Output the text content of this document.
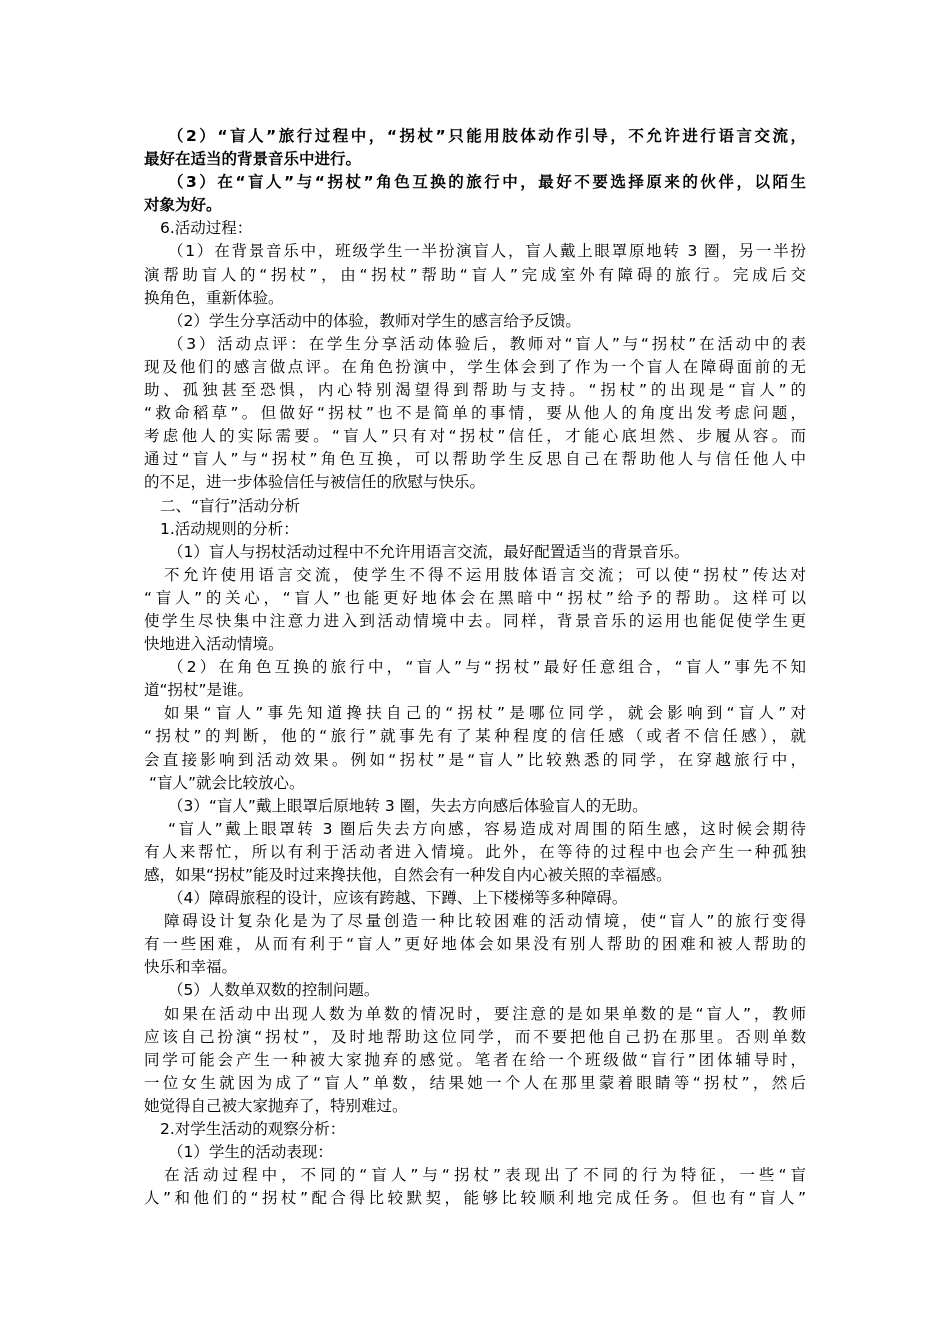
（2）“盲人”旅行过程中，“拐杖”只能用肢体动作引导，不允许进行语言交流，
最好在适当的背景音乐中进行。
（3）在“盲人”与“拐杖”角色互换的旅行中，最好不要选择原来的伙伴，以陌生
对象为好。
6.活动过程：
（1）在背景音乐中，班级学生一半扮演盲人，盲人戴上眼罩原地转 3 圈，另一半扮
演帮助盲人的“拐杖”，由“拐杖”帮助“盲人”完成室外有障碍的旅行。完成后交
换角色，重新体验。
（2）学生分享活动中的体验，教师对学生的感言给予反馈。
（3）活动点评：在学生分享活动体验后，教师对“盲人”与“拐杖”在活动中的表
现及他们的感言做点评。在角色扮演中，学生体会到了作为一个盲人在障碍面前的无
助、孤独甚至恐惧，内心特别渴望得到帮助与支持。“拐杖”的出现是“盲人”的
“救命稻草”。但做好“拐杖”也不是简单的事情，要从他人的角度出发考虑问题，
考虑他人的实际需要。“盲人”只有对“拐杖”信任，才能心底坦然、步履从容。而
通过“盲人”与“拐杖”角色互换，可以帮助学生反思自己在帮助他人与信任他人中
的不足，进一步体验信任与被信任的欣慰与快乐。
二、“盲行”活动分析
1.活动规则的分析：
（1）盲人与拐杖活动过程中不允许用语言交流，最好配置适当的背景音乐。
不允许使用语言交流，使学生不得不运用肢体语言交流；可以使“拐杖”传达对
“盲人”的关心，“盲人”也能更好地体会在黑暗中“拐杖”给予的帮助。这样可以
使学生尽快集中注意力进入到活动情境中去。同样，背景音乐的运用也能促使学生更
快地进入活动情境。
（2）在角色互换的旅行中，“盲人”与“拐杖”最好任意组合，“盲人”事先不知
道“拐杖”是谁。
如果“盲人”事先知道搀扶自己的“拐杖”是哪位同学，就会影响到“盲人”对
“拐杖”的判断，他的“旅行”就事先有了某种程度的信任感（或者不信任感），就
会直接影响到活动效果。例如“拐杖”是“盲人”比较熟悉的同学，在穿越旅行中，
“盲人”就会比较放心。
（3）“盲人”戴上眼罩后原地转 3 圈，失去方向感后体验盲人的无助。
“盲人”戴上眼罩转 3 圈后失去方向感，容易造成对周围的陌生感，这时候会期待
有人来帮忙，所以有利于活动者进入情境。此外，在等待的过程中也会产生一种孤独
感，如果“拐杖”能及时过来搀扶他，自然会有一种发自内心被关照的幸福感。
（4）障碍旅程的设计，应该有跨越、下蹲、上下楼梯等多种障碍。
障碍设计复杂化是为了尽量创造一种比较困难的活动情境，使“盲人”的旅行变得
有一些困难，从而有利于“盲人”更好地体会如果没有别人帮助的困难和被人帮助的
快乐和幸福。
（5）人数单双数的控制问题。
如果在活动中出现人数为单数的情况时，要注意的是如果单数的是“盲人”，教师
应该自己扮演“拐杖”，及时地帮助这位同学，而不要把他自己扔在那里。否则单数
同学可能会产生一种被大家抛弃的感觉。笔者在给一个班级做“盲行”团体辅导时，
一位女生就因为成了“盲人”单数，结果她一个人在那里蒙着眼睛等“拐杖”，然后
她觉得自己被大家抛弃了，特别难过。
2.对学生活动的观察分析：
（1）学生的活动表现：
在活动过程中，不同的“盲人”与“拐杖”表现出了不同的行为特征，一些“盲
人”和他们的“拐杖”配合得比较默契，能够比较顺利地完成任务。但也有“盲人”
